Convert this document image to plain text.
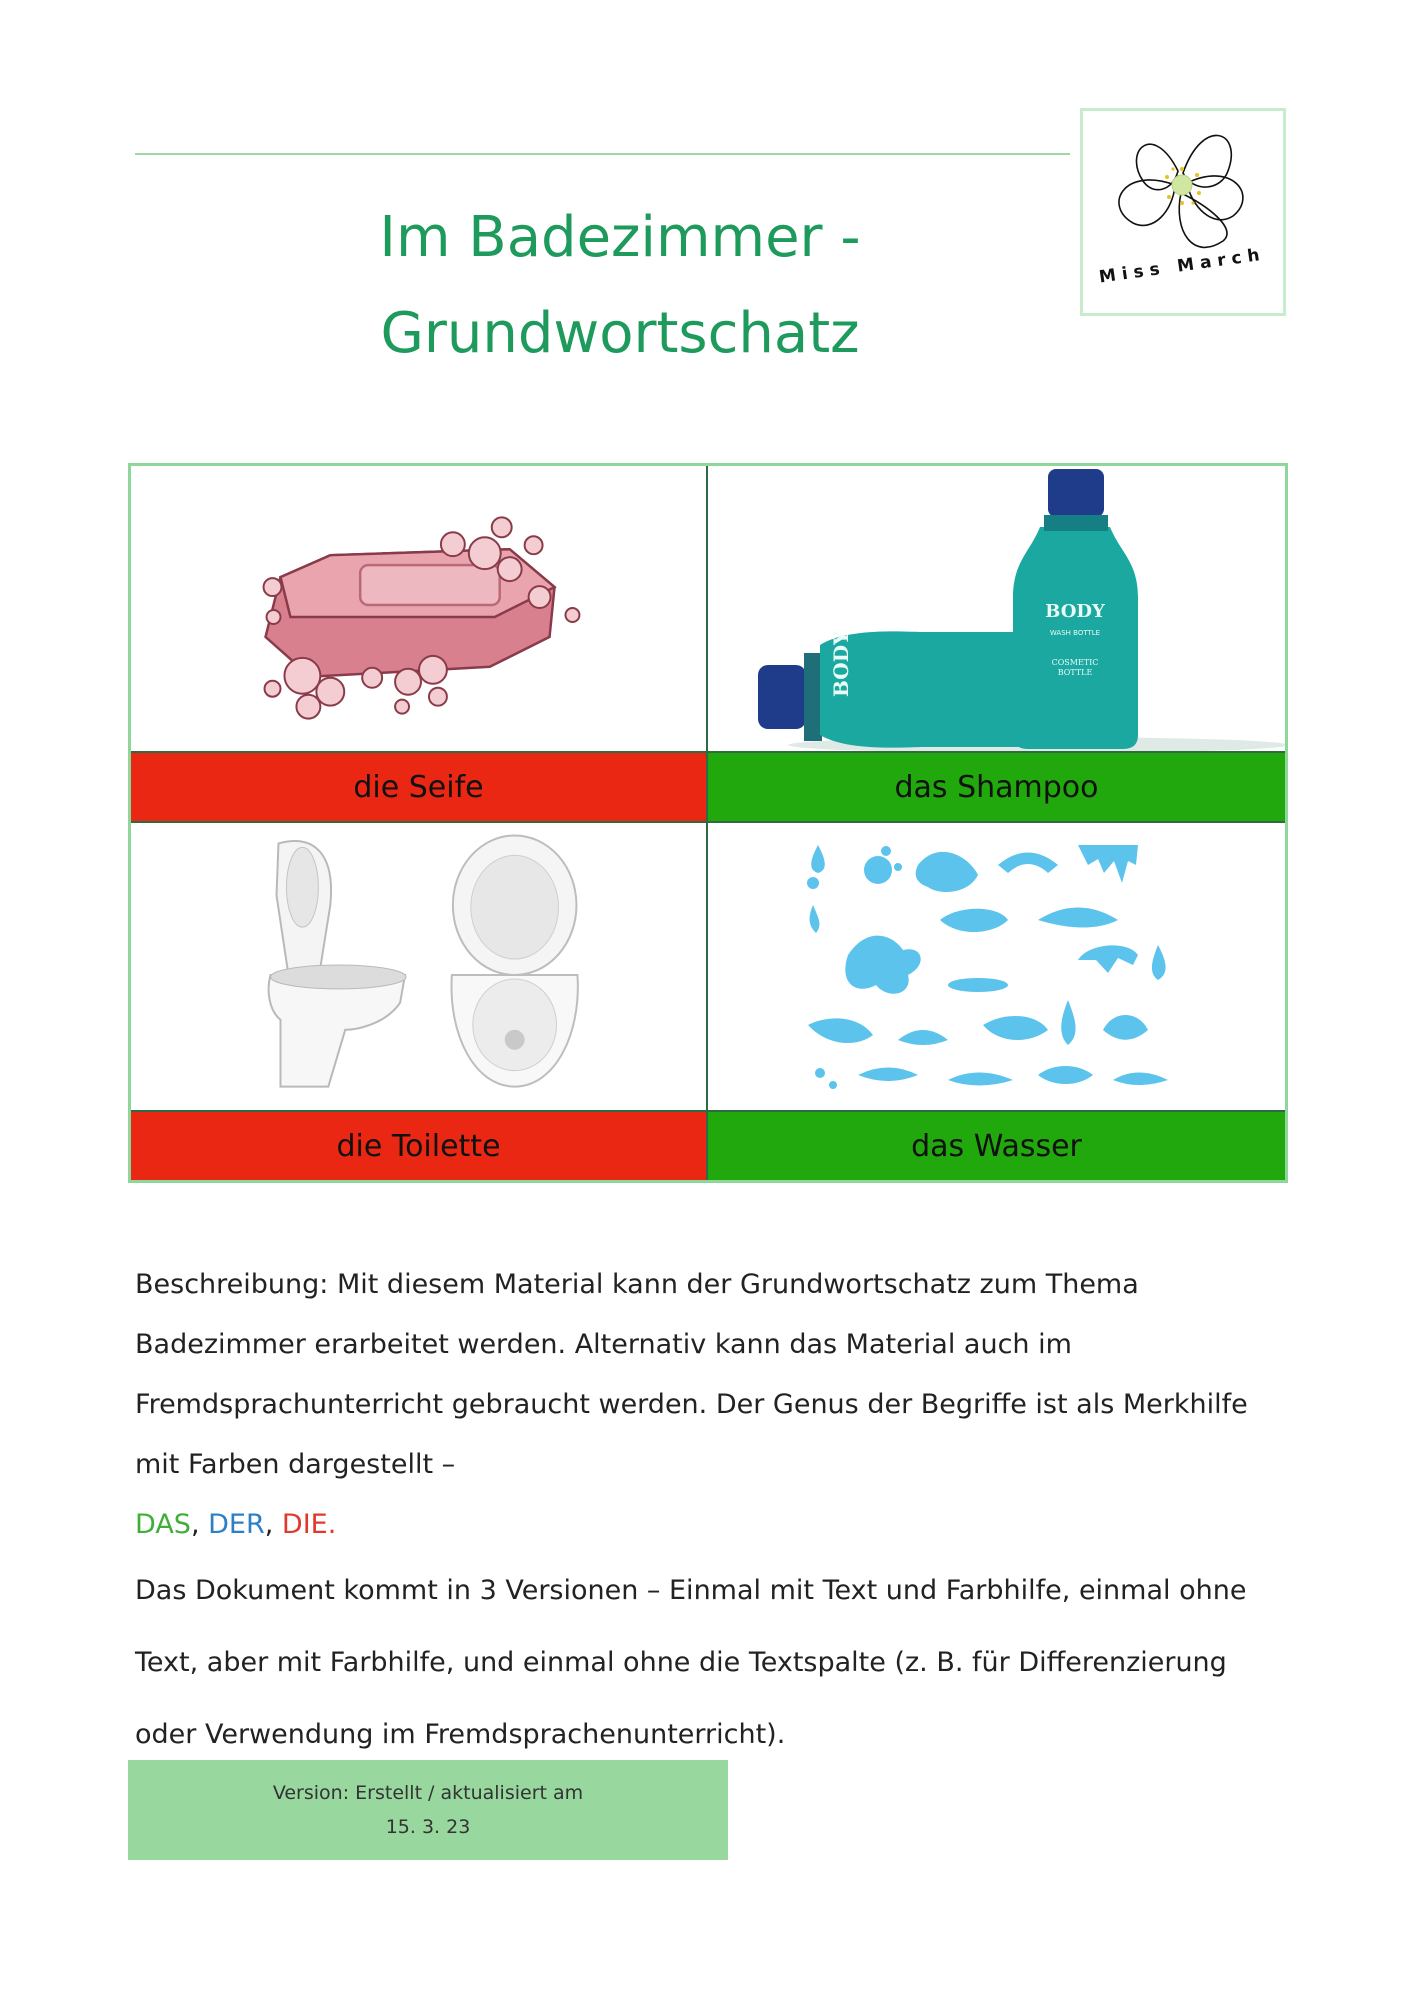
Miss March
Im Badezimmer -
Grundwortschatz
die Seife
BODY
BODY
WASH BOTTLE
COSMETIC
BOTTLE
das Shampoo
die Toilette	das Wasser

Beschreibung: Mit diesem Material kann der Grundwortschatz zum Thema Badezimmer erarbeitet werden. Alternativ kann das Material auch im Fremdsprachunterricht gebraucht werden. Der Genus der Begriffe ist als Merkhilfe mit Farben dargestellt –
DAS, DER, DIE.

Das Dokument kommt in 3 Versionen – Einmal mit Text und Farbhilfe, einmal ohne Text, aber mit Farbhilfe, und einmal ohne die Textspalte (z. B. für Differenzierung oder Verwendung im Fremdsprachenunterricht).

Version: Erstellt / aktualisiert am
15. 3. 23
